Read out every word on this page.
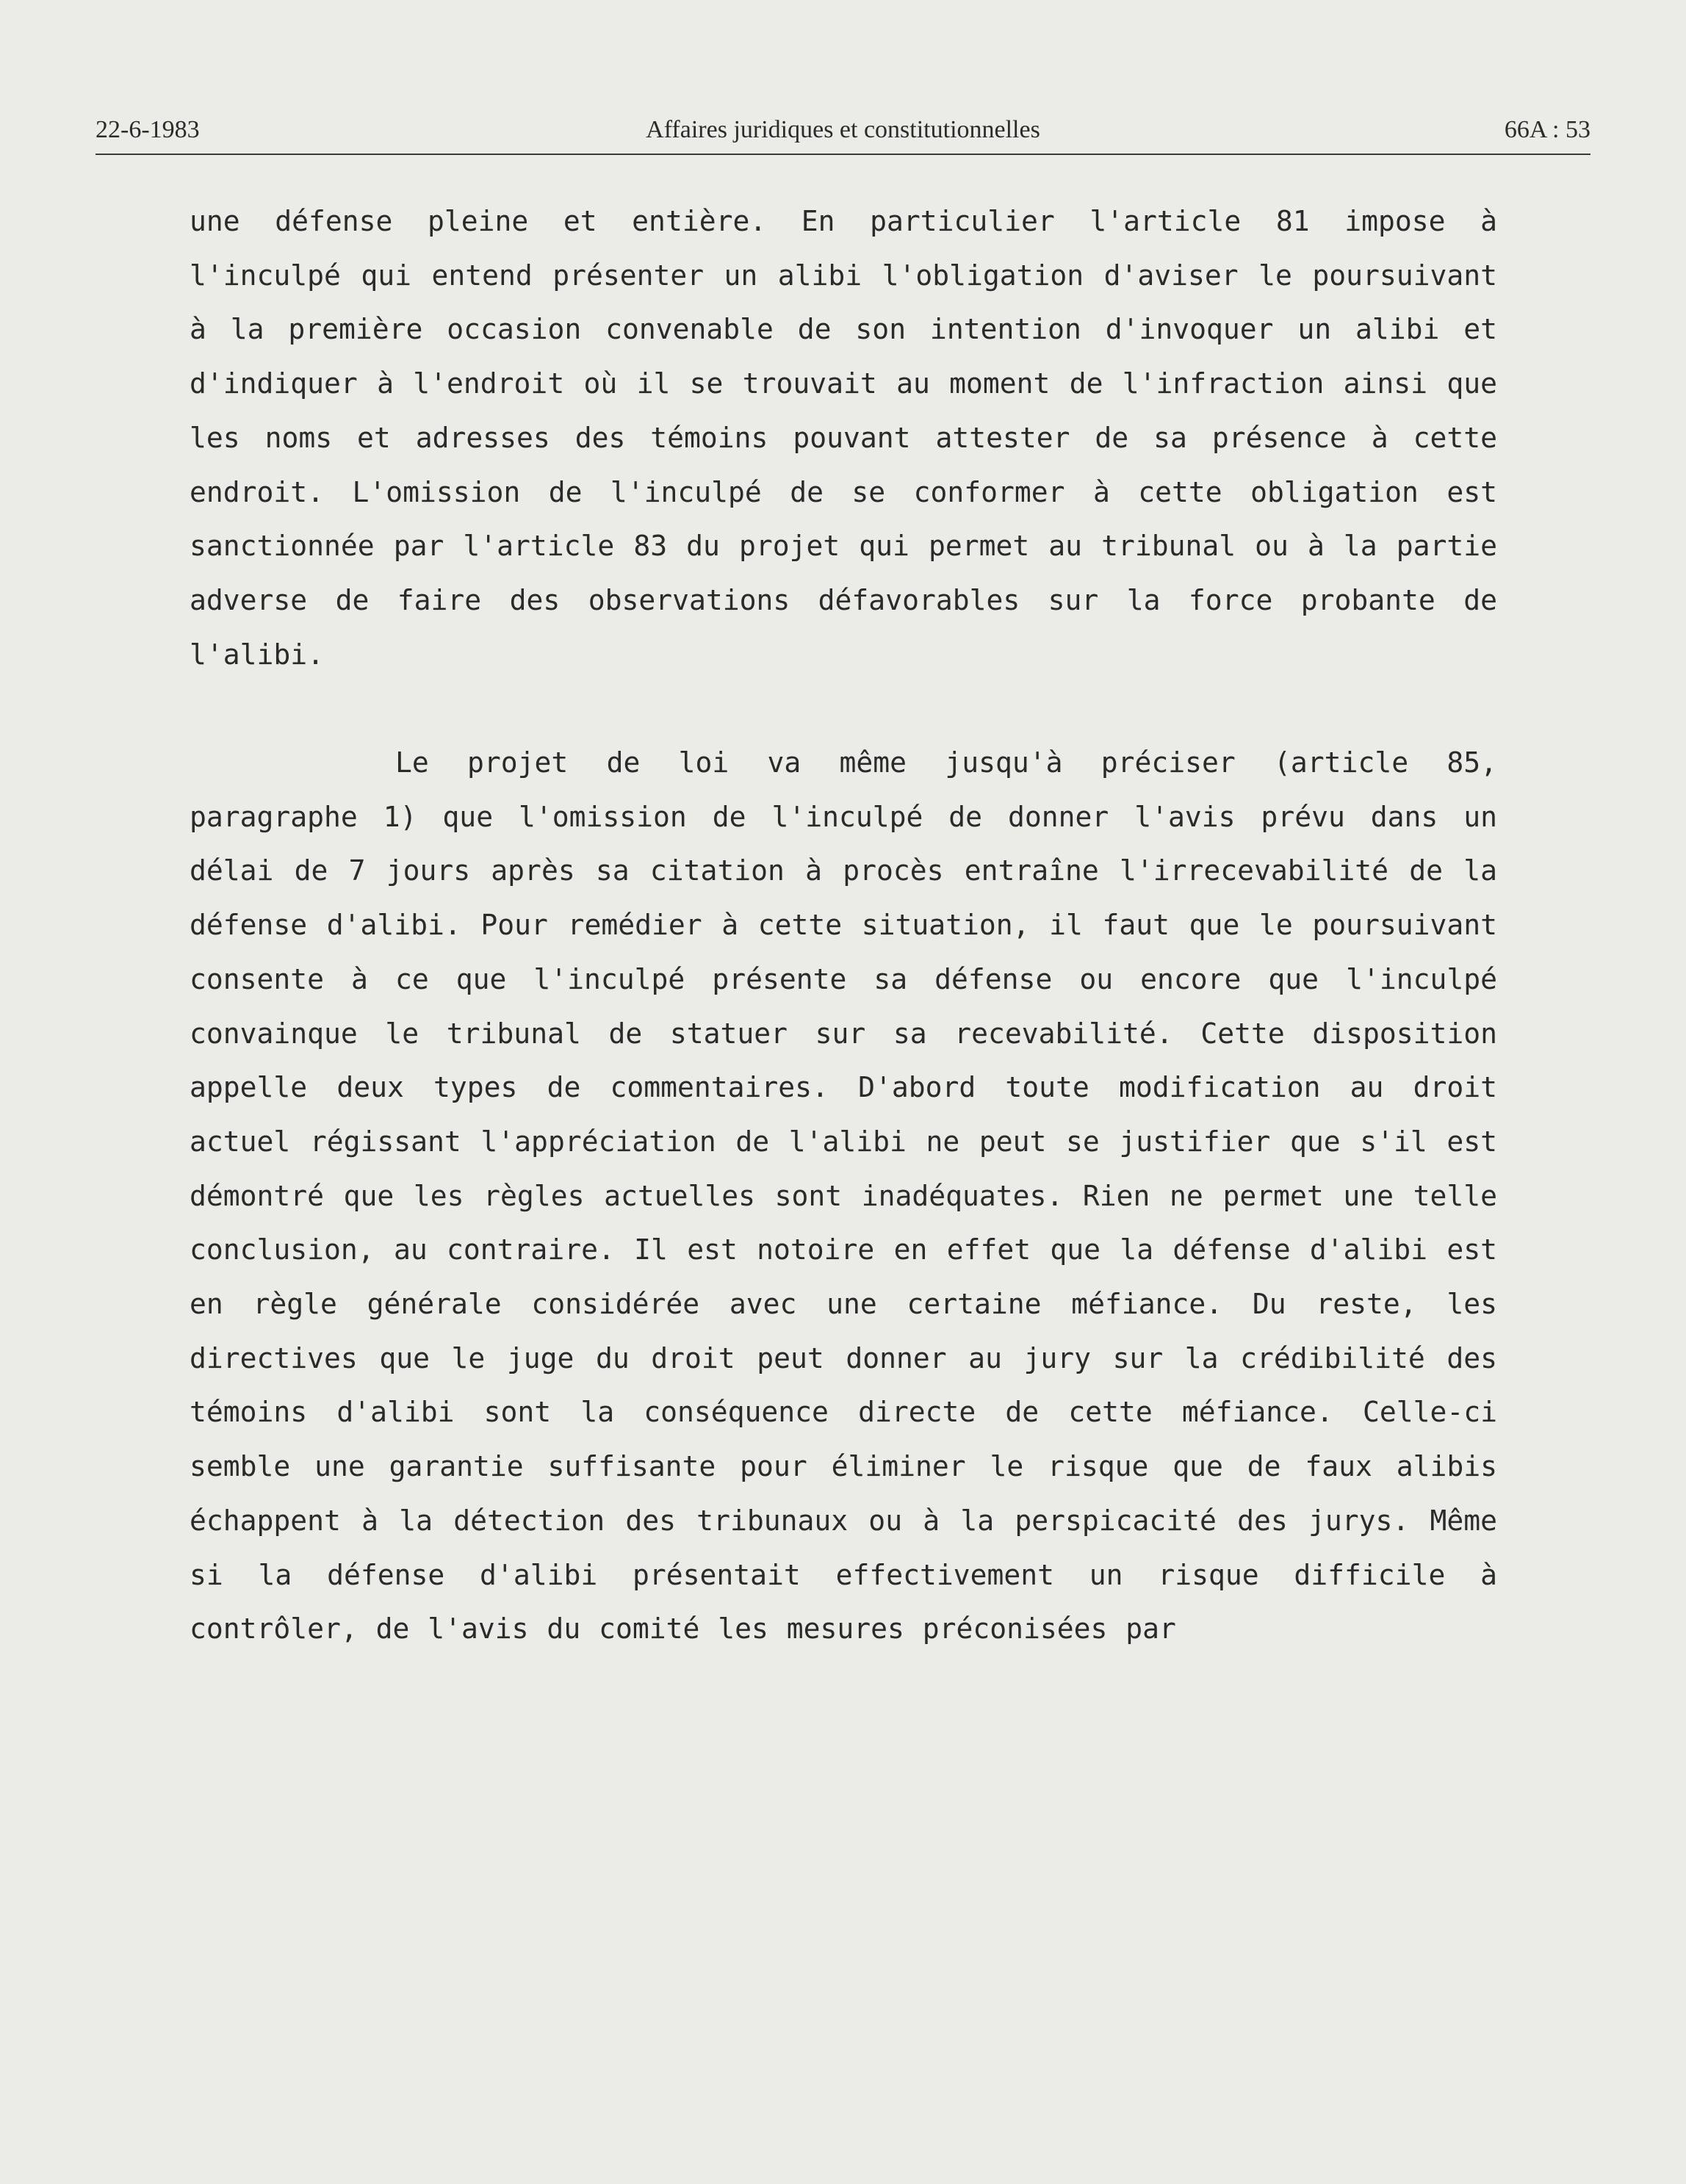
22-6-1983	Affaires juridiques et constitutionnelles	66A : 53

une défense pleine et entière. En particulier l'article 81 impose à l'inculpé qui entend présenter un alibi l'obligation d'aviser le poursuivant à la première occasion convenable de son intention d'invoquer un alibi et d'indiquer à l'endroit où il se trouvait au moment de l'infraction ainsi que les noms et adresses des témoins pouvant attester de sa présence à cette endroit. L'omission de l'inculpé de se conformer à cette obligation est sanctionnée par l'article 83 du projet qui permet au tribunal ou à la partie adverse de faire des observations défavorables sur la force probante de l'alibi.

Le projet de loi va même jusqu'à préciser (article 85, paragraphe 1) que l'omission de l'inculpé de donner l'avis prévu dans un délai de 7 jours après sa citation à procès entraîne l'irrecevabilité de la défense d'alibi. Pour remédier à cette situation, il faut que le poursuivant consente à ce que l'inculpé présente sa défense ou encore que l'inculpé convainque le tribunal de statuer sur sa recevabilité. Cette disposition appelle deux types de commentaires. D'abord toute modification au droit actuel régissant l'appréciation de l'alibi ne peut se justifier que s'il est démontré que les règles actuelles sont inadéquates. Rien ne permet une telle conclusion, au contraire. Il est notoire en effet que la défense d'alibi est en règle générale considérée avec une certaine méfiance. Du reste, les directives que le juge du droit peut donner au jury sur la crédibilité des témoins d'alibi sont la conséquence directe de cette méfiance. Celle-ci semble une garantie suffisante pour éliminer le risque que de faux alibis échappent à la détection des tribunaux ou à la perspicacité des jurys. Même si la défense d'alibi présentait effectivement un risque difficile à contrôler, de l'avis du comité les mesures préconisées par
